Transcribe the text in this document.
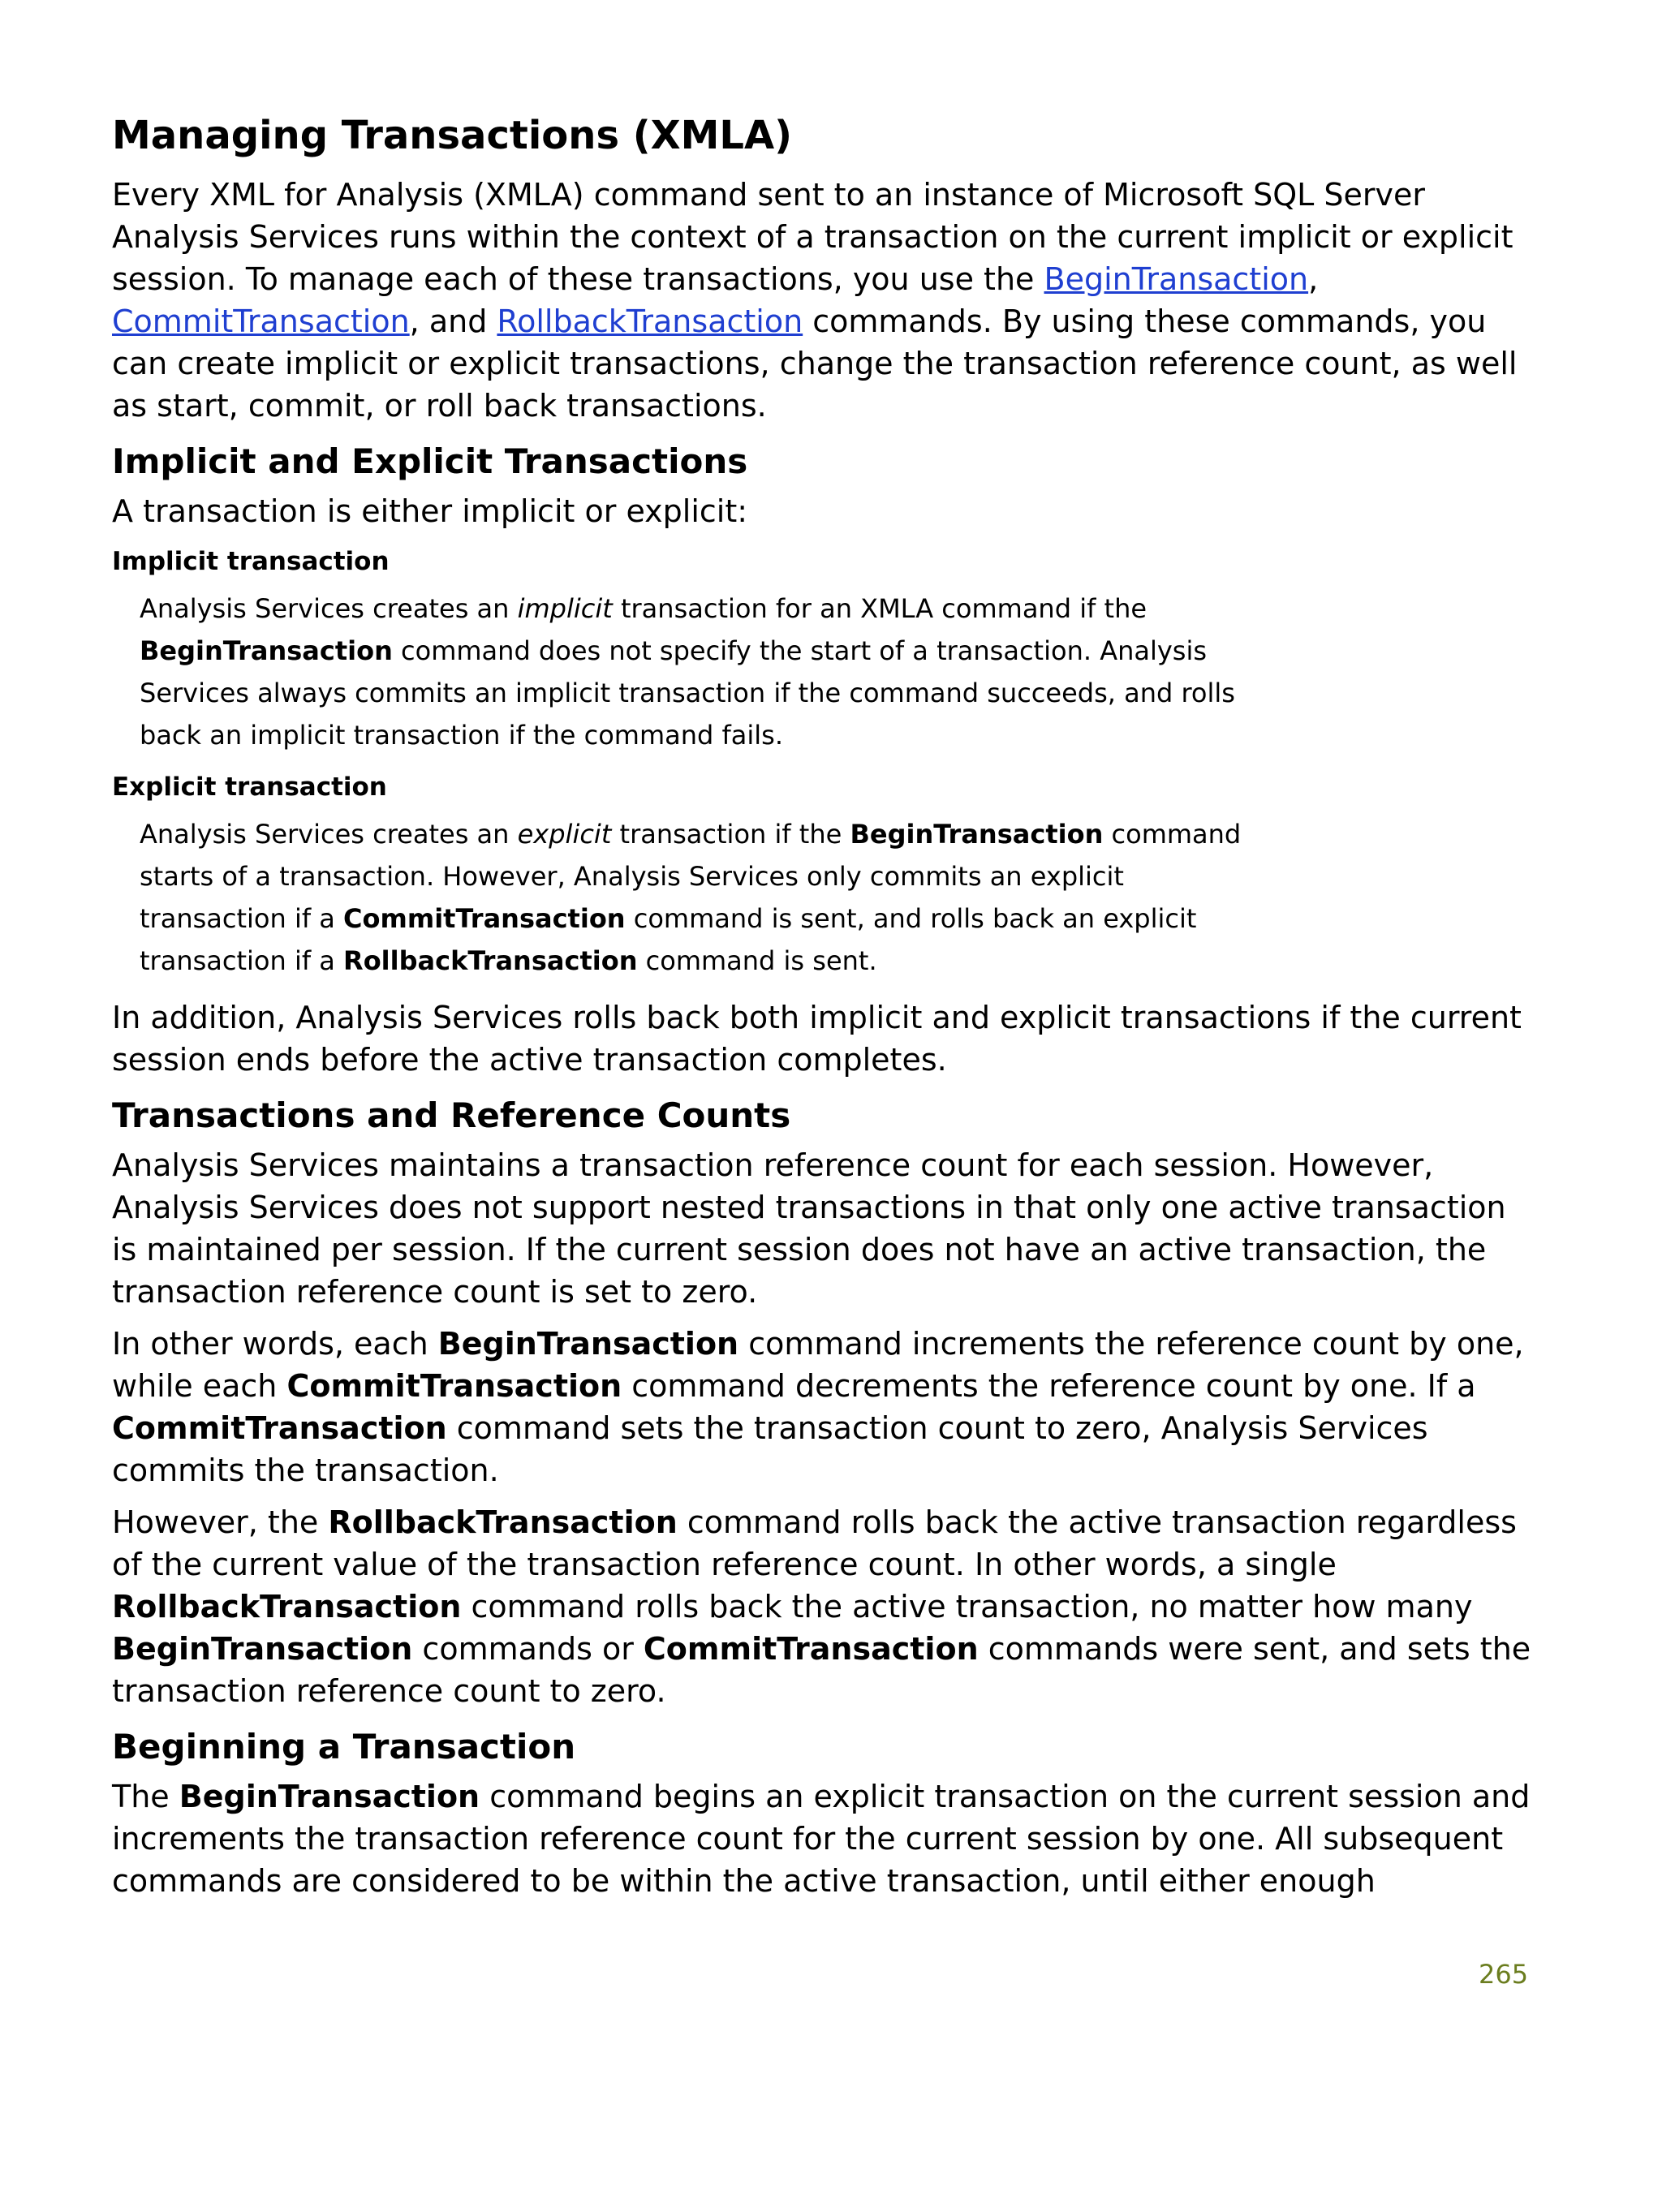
Managing Transactions (XMLA)

Every XML for Analysis (XMLA) command sent to an instance of Microsoft SQL Server Analysis Services runs within the context of a transaction on the current implicit or explicit session. To manage each of these transactions, you use the BeginTransaction, CommitTransaction, and RollbackTransaction commands. By using these commands, you can create implicit or explicit transactions, change the transaction reference count, as well as start, commit, or roll back transactions.

Implicit and Explicit Transactions

A transaction is either implicit or explicit:

Implicit transaction
Analysis Services creates an implicit transaction for an XMLA command if the BeginTransaction command does not specify the start of a transaction. Analysis Services always commits an implicit transaction if the command succeeds, and rolls back an implicit transaction if the command fails.
Explicit transaction
Analysis Services creates an explicit transaction if the BeginTransaction command starts of a transaction. However, Analysis Services only commits an explicit transaction if a CommitTransaction command is sent, and rolls back an explicit transaction if a RollbackTransaction command is sent.

In addition, Analysis Services rolls back both implicit and explicit transactions if the current session ends before the active transaction completes.

Transactions and Reference Counts

Analysis Services maintains a transaction reference count for each session. However, Analysis Services does not support nested transactions in that only one active transaction is maintained per session. If the current session does not have an active transaction, the transaction reference count is set to zero.

In other words, each BeginTransaction command increments the reference count by one, while each CommitTransaction command decrements the reference count by one. If a CommitTransaction command sets the transaction count to zero, Analysis Services commits the transaction.

However, the RollbackTransaction command rolls back the active transaction regardless of the current value of the transaction reference count. In other words, a single RollbackTransaction command rolls back the active transaction, no matter how many BeginTransaction commands or CommitTransaction commands were sent, and sets the transaction reference count to zero.

Beginning a Transaction

The BeginTransaction command begins an explicit transaction on the current session and increments the transaction reference count for the current session by one. All subsequent commands are considered to be within the active transaction, until either enough

265
